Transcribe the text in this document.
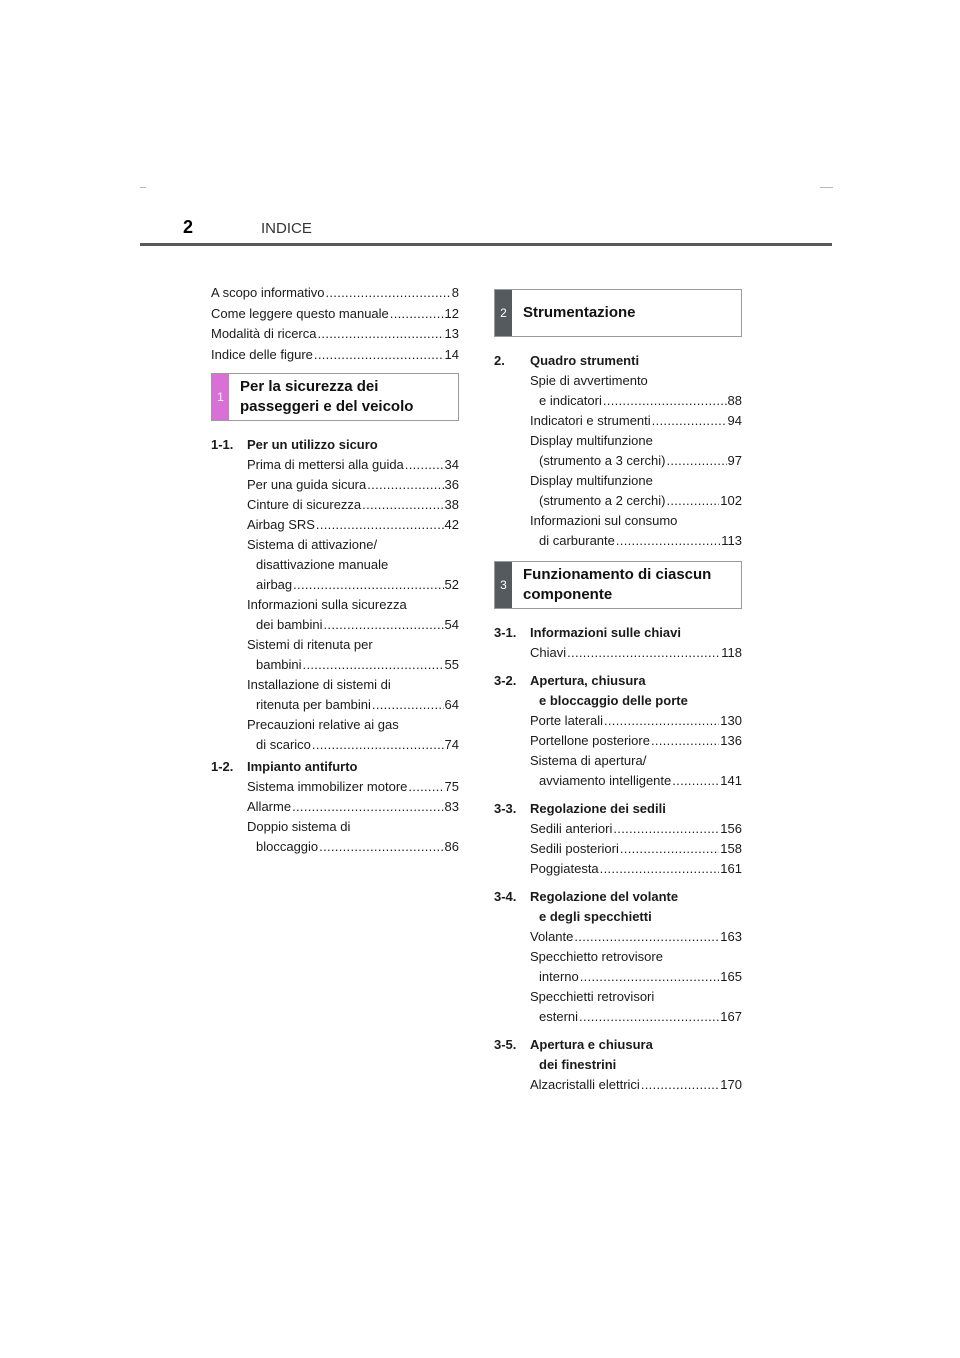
2	INDICE
A scopo informativo .....	8
Come leggere questo manuale .....	12
Modalità di ricerca .....	13
Indice delle figure .....	14
1
Per la sicurezza dei
passeggeri e del veicolo
1-1.	Per un utilizzo sicuro
Prima di mettersi alla guida .....	34
Per una guida sicura .....	36
Cinture di sicurezza .....	38
Airbag SRS .....	42
Sistema di attivazione/
disattivazione manuale
airbag .....	52
Informazioni sulla sicurezza
dei bambini .....	54
Sistemi di ritenuta per
bambini .....	55
Installazione di sistemi di
ritenuta per bambini .....	64
Precauzioni relative ai gas
di scarico .....	74
1-2.	Impianto antifurto
Sistema immobilizer motore .....	75
Allarme .....	83
Doppio sistema di
bloccaggio .....	86
2	Strumentazione
2.	Quadro strumenti
Spie di avvertimento
e indicatori .....	88
Indicatori e strumenti .....	94
Display multifunzione
(strumento a 3 cerchi) .....	97
Display multifunzione
(strumento a 2 cerchi) .....	102
Informazioni sul consumo
di carburante .....	113
3
Funzionamento di ciascun
componente
3-1.	Informazioni sulle chiavi
Chiavi .....	118
3-2.	Apertura, chiusura
e bloccaggio delle porte
Porte laterali .....	130
Portellone posteriore .....	136
Sistema di apertura/
avviamento intelligente .....	141
3-3.	Regolazione dei sedili
Sedili anteriori .....	156
Sedili posteriori .....	158
Poggiatesta .....	161
3-4.	Regolazione del volante
e degli specchietti
Volante .....	163
Specchietto retrovisore
interno .....	165
Specchietti retrovisori
esterni .....	167
3-5.	Apertura e chiusura
dei finestrini
Alzacristalli elettrici .....	170
